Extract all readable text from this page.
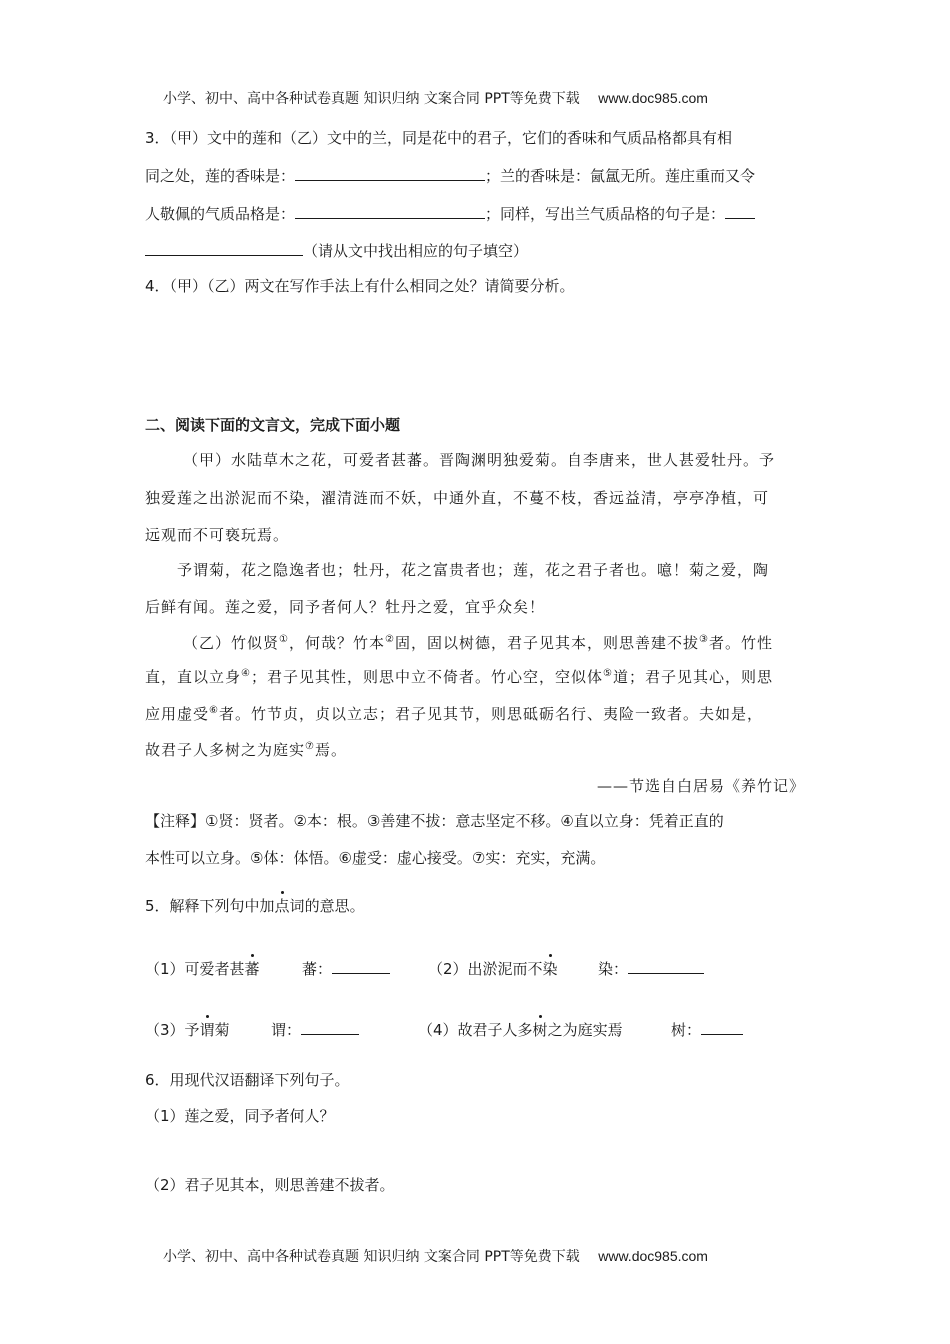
小学、初中、高中各种试卷真题 知识归纳 文案合同 PPT等免费下载 www.doc985.com
3．（甲）文中的莲和（乙）文中的兰，同是花中的君子，它们的香味和气质品格都具有相
同之处，莲的香味是：	；兰的香味是：氤氲无所。莲庄重而又令
人敬佩的气质品格是：	；同样，写出兰气质品格的句子是：
（请从文中找出相应的句子填空）
4．（甲）（乙）两文在写作手法上有什么相同之处？请简要分析。
二、阅读下面的文言文，完成下面小题
（甲）水陆草木之花，可爱者甚蕃。晋陶渊明独爱菊。自李唐来，世人甚爱牡丹。予
独爱莲之出淤泥而不染，濯清涟而不妖，中通外直，不蔓不枝，香远益清，亭亭净植，可
远观而不可亵玩焉。
予谓菊，花之隐逸者也；牡丹，花之富贵者也；莲，花之君子者也。噫！菊之爱，陶
后鲜有闻。莲之爱，同予者何人？牡丹之爱，宜乎众矣！
（乙）竹似贤①，何哉？竹本②固，固以树德，君子见其本，则思善建不拔③者。竹性
直，直以立身④；君子见其性，则思中立不倚者。竹心空，空似体⑤道；君子见其心，则思
应用虚受⑥者。竹节贞，贞以立志；君子见其节，则思砥砺名行、夷险一致者。夫如是，
故君子人多树之为庭实⑦焉。
——节选自白居易《养竹记》
【注释】①贤：贤者。②本：根。③善建不拔：意志坚定不移。④直以立身：凭着正直的
本性可以立身。⑤体：体悟。⑥虚受：虚心接受。⑦实：充实，充满。
5．解释下列句中加点词的意思。
（1）可爱者甚蕃	蕃：	（2）出淤泥而不染	染：
（3）予谓菊	谓：	（4）故君子人多树之为庭实焉	树：
6．用现代汉语翻译下列句子。
（1）莲之爱，同予者何人？
（2）君子见其本，则思善建不拔者。
小学、初中、高中各种试卷真题 知识归纳 文案合同 PPT等免费下载 www.doc985.com
